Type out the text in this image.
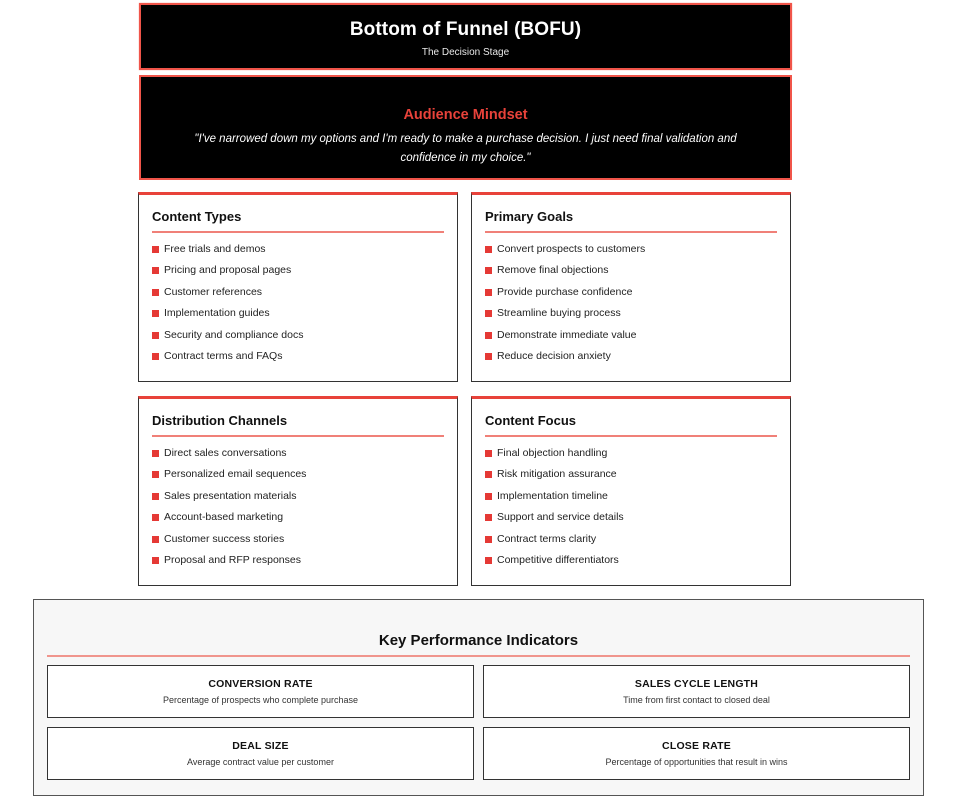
Bottom of Funnel (BOFU)
The Decision Stage
Audience Mindset
"I've narrowed down my options and I'm ready to make a purchase decision. I just need final validation and confidence in my choice."
Content Types
Free trials and demos
Pricing and proposal pages
Customer references
Implementation guides
Security and compliance docs
Contract terms and FAQs
Primary Goals
Convert prospects to customers
Remove final objections
Provide purchase confidence
Streamline buying process
Demonstrate immediate value
Reduce decision anxiety
Distribution Channels
Direct sales conversations
Personalized email sequences
Sales presentation materials
Account-based marketing
Customer success stories
Proposal and RFP responses
Content Focus
Final objection handling
Risk mitigation assurance
Implementation timeline
Support and service details
Contract terms clarity
Competitive differentiators
Key Performance Indicators
CONVERSION RATE
Percentage of prospects who complete purchase
SALES CYCLE LENGTH
Time from first contact to closed deal
DEAL SIZE
Average contract value per customer
CLOSE RATE
Percentage of opportunities that result in wins
